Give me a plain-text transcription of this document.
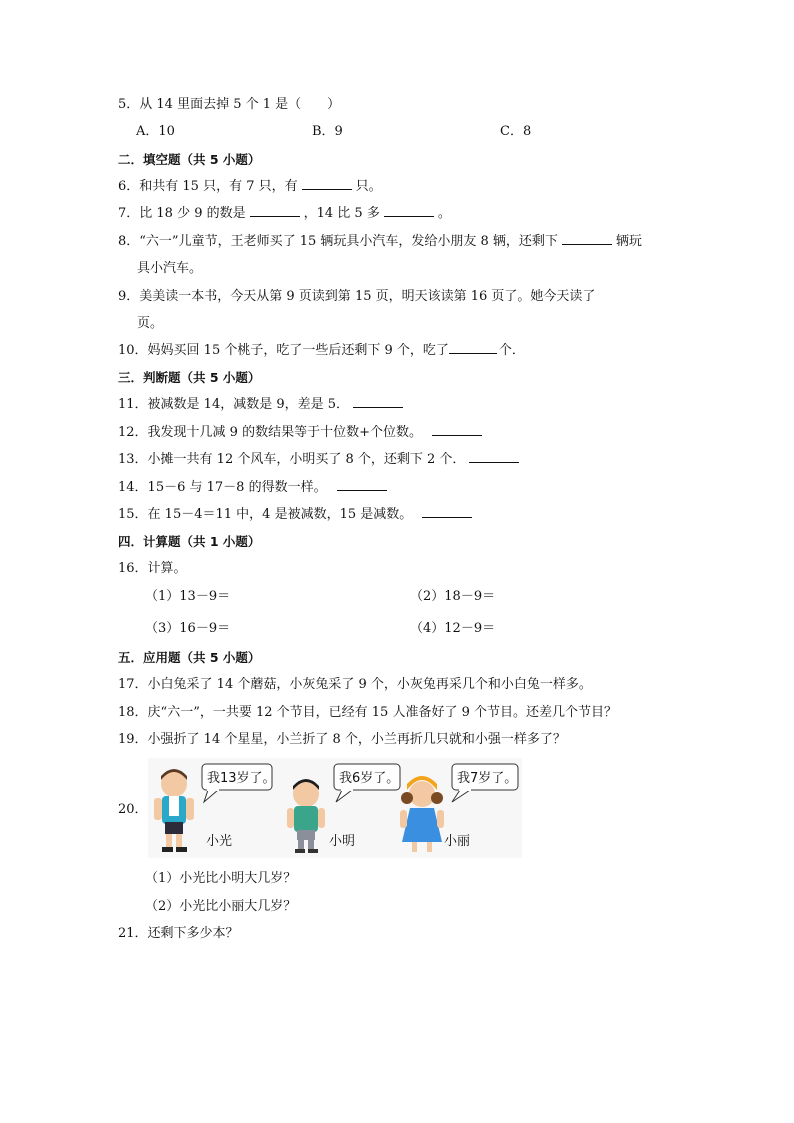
5．从 14 里面去掉 5 个 1 是（　　）
A．10	B．9	C．8
二．填空题（共 5 小题）
6．和共有 15 只，有 7 只，有	只。
7．比 18 少 9 的数是	，14 比 5 多	。
8．“六一”儿童节，王老师买了 15 辆玩具小汽车，发给小朋友 8 辆，还剩下	辆玩
具小汽车。
9．美美读一本书，今天从第 9 页读到第 15 页，明天该读第 16 页了。她今天读了
页。
10．妈妈买回 15 个桃子，吃了一些后还剩下 9 个，吃了	个．
三．判断题（共 5 小题）
11．被减数是 14，减数是 9，差是 5．
12．我发现十几减 9 的数结果等于十位数+个位数。
13．小摊一共有 12 个风车，小明买了 8 个，还剩下 2 个．
14．15－6 与 17－8 的得数一样。
15．在 15－4＝11 中，4 是被减数，15 是减数。
四．计算题（共 1 小题）
16．计算。
（1）13－9＝	（2）18－9＝
（3）16－9＝	（4）12－9＝
五．应用题（共 5 小题）
17．小白兔采了 14 个蘑菇，小灰兔采了 9 个，小灰兔再采几个和小白兔一样多。
18．庆“六一”，一共要 12 个节目，已经有 15 人准备好了 9 个节目。还差几个节目？
19．小强折了 14 个星星，小兰折了 8 个，小兰再折几只就和小强一样多了？
20．
我13岁了。
小光
我6岁了。
小明
我7岁了。
小丽
（1）小光比小明大几岁？
（2）小光比小丽大几岁？
21．还剩下多少本？
